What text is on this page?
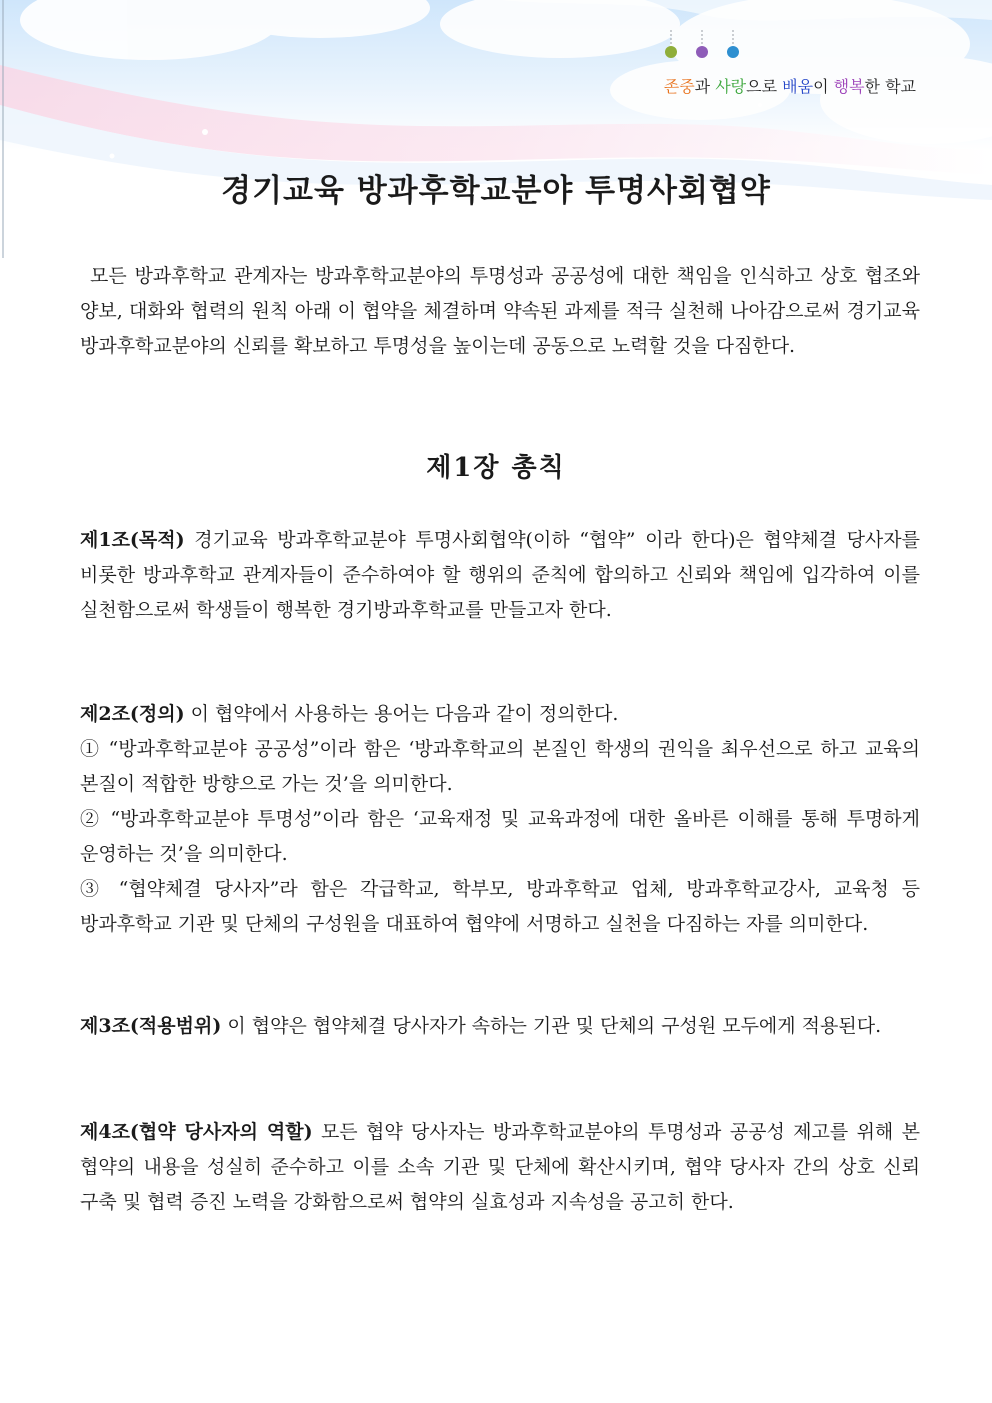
존중과 사랑으로 배움이 행복한 학교
경기교육 방과후학교분야 투명사회협약

모든 방과후학교 관계자는 방과후학교분야의 투명성과 공공성에 대한 책임을 인식하고 상호 협조와 양보, 대화와 협력의 원칙 아래 이 협약을 체결하며 약속된 과제를 적극 실천해 나아감으로써 경기교육 방과후학교분야의 신뢰를 확보하고 투명성을 높이는데 공동으로 노력할 것을 다짐한다.

제1장 총칙

제1조(목적) 경기교육 방과후학교분야 투명사회협약(이하 “협약” 이라 한다)은 협약체결 당사자를 비롯한 방과후학교 관계자들이 준수하여야 할 행위의 준칙에 합의하고 신뢰와 책임에 입각하여 이를 실천함으로써 학생들이 행복한 경기방과후학교를 만들고자 한다.

제2조(정의) 이 협약에서 사용하는 용어는 다음과 같이 정의한다.
① “방과후학교분야 공공성”이라 함은 ‘방과후학교의 본질인 학생의 권익을 최우선으로 하고 교육의 본질이 적합한 방향으로 가는 것’을 의미한다.
② “방과후학교분야 투명성”이라 함은 ‘교육재정 및 교육과정에 대한 올바른 이해를 통해 투명하게 운영하는 것’을 의미한다.
③ “협약체결 당사자”라 함은 각급학교, 학부모, 방과후학교 업체, 방과후학교강사, 교육청 등 방과후학교 기관 및 단체의 구성원을 대표하여 협약에 서명하고 실천을 다짐하는 자를 의미한다.

제3조(적용범위) 이 협약은 협약체결 당사자가 속하는 기관 및 단체의 구성원 모두에게 적용된다.

제4조(협약 당사자의 역할) 모든 협약 당사자는 방과후학교분야의 투명성과 공공성 제고를 위해 본 협약의 내용을 성실히 준수하고 이를 소속 기관 및 단체에 확산시키며, 협약 당사자 간의 상호 신뢰 구축 및 협력 증진 노력을 강화함으로써 협약의 실효성과 지속성을 공고히 한다.
